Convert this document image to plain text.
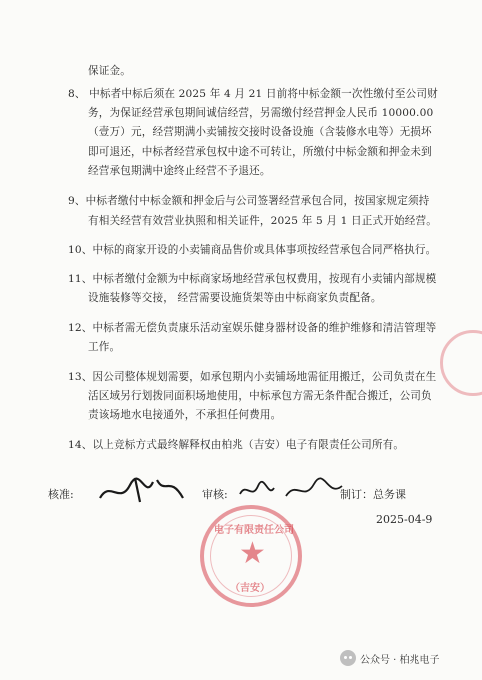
保证金。
8、 中标者中标后须在 2025 年 4 月 21 日前将中标金额一次性缴付至公司财
务，为保证经营承包期间诚信经营，另需缴付经营押金人民币 10000.00
（壹万）元，经营期满小卖铺按交接时设备设施（含装修水电等）无损坏
即可退还，中标者经营承包权中途不可转让，所缴付中标金额和押金未到
经营承包期满中途终止经营不予退还。
9、中标者缴付中标金额和押金后与公司签署经营承包合同，按国家规定须持
有相关经营有效营业执照和相关证件，2025 年 5 月 1 日正式开始经营。
10、中标的商家开设的小卖铺商品售价或具体事项按经营承包合同严格执行。
11、中标者缴付金额为中标商家场地经营承包权费用，按现有小卖铺内部规模
设施装修等交接， 经营需要设施货架等由中标商家负责配备。
12、中标者需无偿负责康乐活动室娱乐健身器材设备的维护维修和清洁管理等
工作。
13、因公司整体规划需要，如承包期内小卖铺场地需征用搬迁，公司负责在生
活区域另行划拨同面积场地使用，中标承包方需无条件配合搬迁，公司负
责该场地水电接通外，不承担任何费用。
14、以上竞标方式最终解释权由柏兆（吉安）电子有限责任公司所有。
核准:	审核:	制订：总务课
2025-04-9
★
电子有限责任公司
（吉安）
公众号 · 柏兆电子
